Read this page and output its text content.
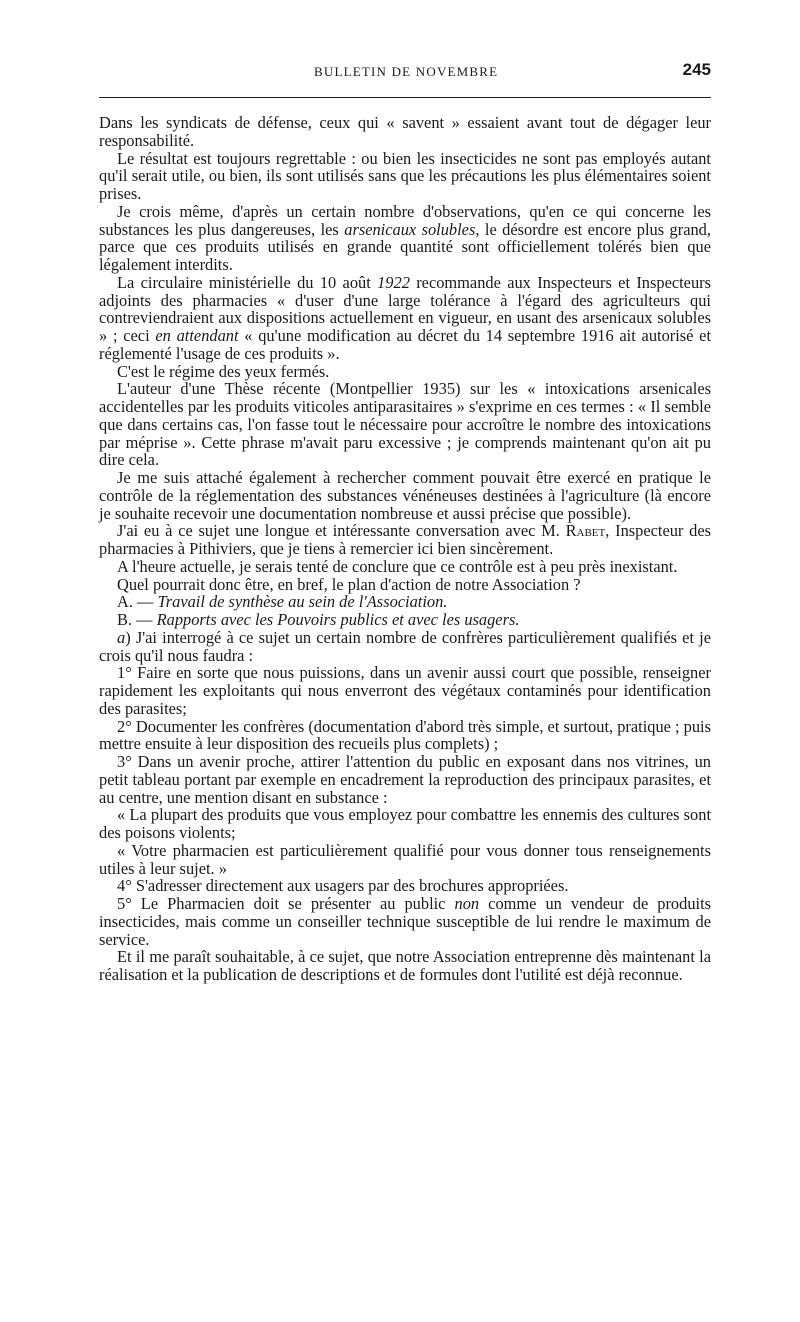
BULLETIN DE NOVEMBRE	245

Dans les syndicats de défense, ceux qui « savent » essaient avant tout de dégager leur responsabilité.

Le résultat est toujours regrettable : ou bien les insecticides ne sont pas employés autant qu'il serait utile, ou bien, ils sont utilisés sans que les précautions les plus élémentaires soient prises.

Je crois même, d'après un certain nombre d'observations, qu'en ce qui concerne les substances les plus dangereuses, les arsenicaux solubles, le désordre est encore plus grand, parce que ces produits utilisés en grande quantité sont officiellement tolérés bien que légalement interdits.

La circulaire ministérielle du 10 août 1922 recommande aux Inspecteurs et Inspecteurs adjoints des pharmacies « d'user d'une large tolérance à l'égard des agriculteurs qui contreviendraient aux dispositions actuellement en vigueur, en usant des arsenicaux solubles » ; ceci en attendant « qu'une modification au décret du 14 septembre 1916 ait autorisé et réglementé l'usage de ces produits ».

C'est le régime des yeux fermés.

L'auteur d'une Thèse récente (Montpellier 1935) sur les « intoxications arsenicales accidentelles par les produits viticoles antiparasitaires » s'exprime en ces termes : « Il semble que dans certains cas, l'on fasse tout le nécessaire pour accroître le nombre des intoxications par méprise ». Cette phrase m'avait paru excessive ; je comprends maintenant qu'on ait pu dire cela.

Je me suis attaché également à rechercher comment pouvait être exercé en pratique le contrôle de la réglementation des substances vénéneuses destinées à l'agriculture (là encore je souhaite recevoir une documentation nombreuse et aussi précise que possible).

J'ai eu à ce sujet une longue et intéressante conversation avec M. Rabet, Inspecteur des pharmacies à Pithiviers, que je tiens à remercier ici bien sincèrement.

A l'heure actuelle, je serais tenté de conclure que ce contrôle est à peu près inexistant.

Quel pourrait donc être, en bref, le plan d'action de notre Association ?

A. — Travail de synthèse au sein de l'Association.

B. — Rapports avec les Pouvoirs publics et avec les usagers.

a) J'ai interrogé à ce sujet un certain nombre de confrères particulièrement qualifiés et je crois qu'il nous faudra :

1° Faire en sorte que nous puissions, dans un avenir aussi court que possible, renseigner rapidement les exploitants qui nous enverront des végétaux contaminés pour identification des parasites;

2° Documenter les confrères (documentation d'abord très simple, et surtout, pratique ; puis mettre ensuite à leur disposition des recueils plus complets) ;

3° Dans un avenir proche, attirer l'attention du public en exposant dans nos vitrines, un petit tableau portant par exemple en encadrement la reproduction des principaux parasites, et au centre, une mention disant en substance :

« La plupart des produits que vous employez pour combattre les ennemis des cultures sont des poisons violents;

« Votre pharmacien est particulièrement qualifié pour vous donner tous renseignements utiles à leur sujet. »

4° S'adresser directement aux usagers par des brochures appropriées.

5° Le Pharmacien doit se présenter au public non comme un vendeur de produits insecticides, mais comme un conseiller technique susceptible de lui rendre le maximum de service.

Et il me paraît souhaitable, à ce sujet, que notre Association entreprenne dès maintenant la réalisation et la publication de descriptions et de formules dont l'utilité est déjà reconnue.
